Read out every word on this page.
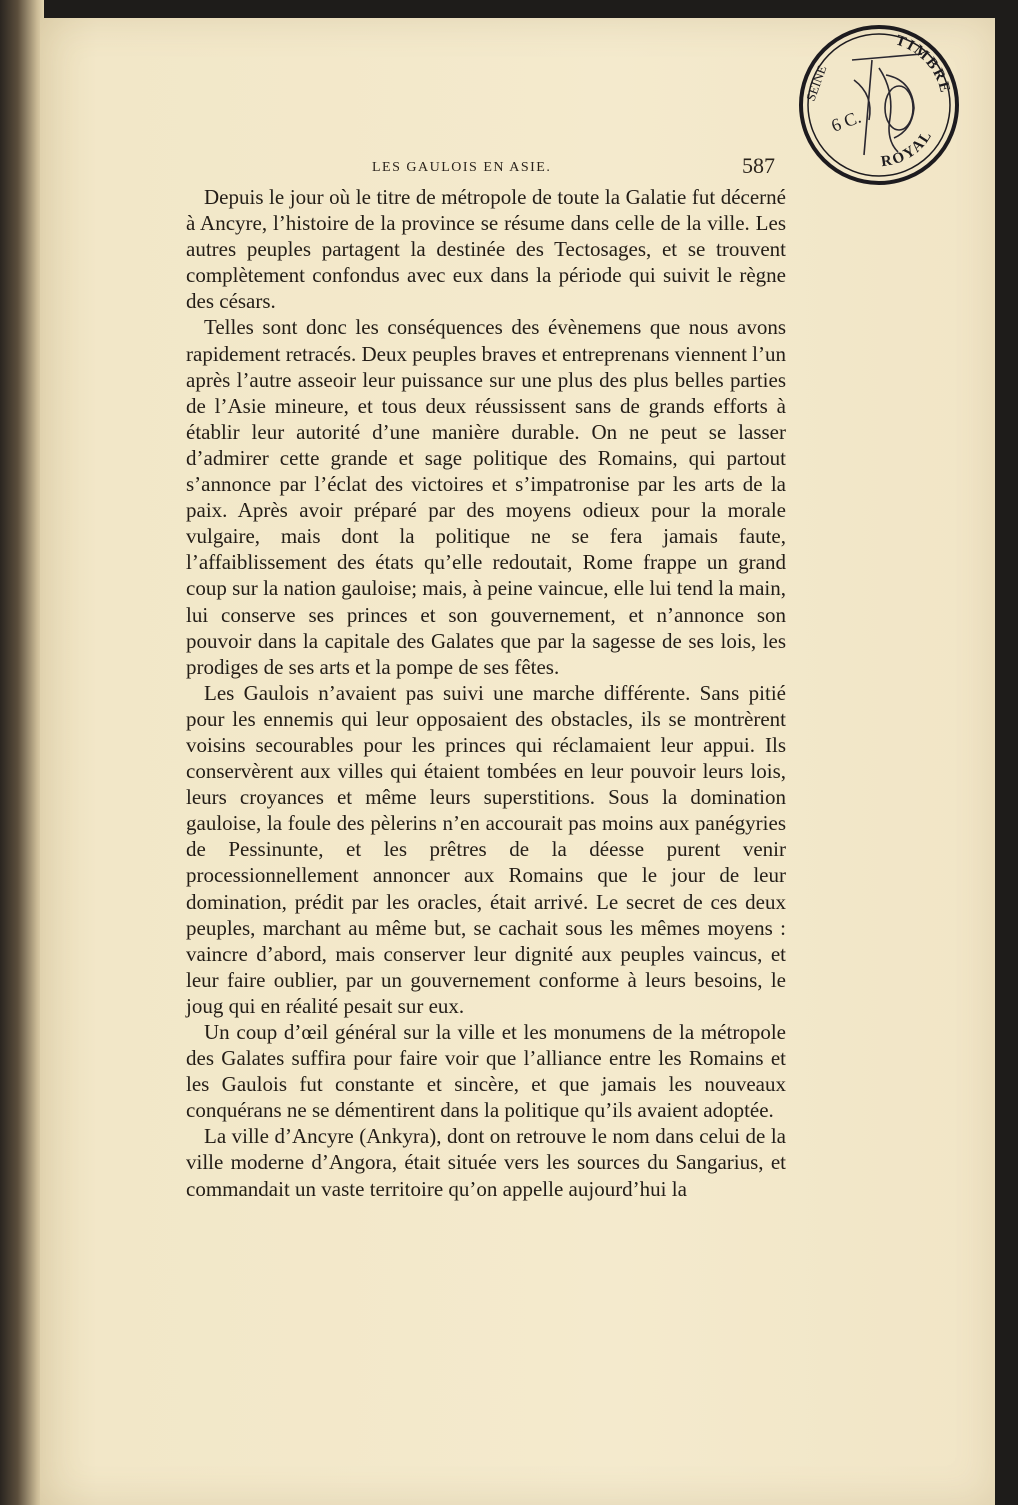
TIMBRE
ROYAL
SEINE
6 C.
LES GAULOIS EN ASIE.	587

Depuis le jour où le titre de métropole de toute la Galatie fut décerné à Ancyre, l’histoire de la province se résume dans celle de la ville. Les autres peuples partagent la destinée des Tectosages, et se trouvent complètement confondus avec eux dans la période qui suivit le règne des césars.

Telles sont donc les conséquences des évènemens que nous avons rapidement retracés. Deux peuples braves et entreprenans viennent l’un après l’autre asseoir leur puissance sur une plus des plus belles parties de l’Asie mineure, et tous deux réussissent sans de grands efforts à établir leur autorité d’une manière durable. On ne peut se lasser d’admirer cette grande et sage politique des Romains, qui partout s’annonce par l’éclat des victoires et s’impatronise par les arts de la paix. Après avoir préparé par des moyens odieux pour la morale vulgaire, mais dont la politique ne se fera jamais faute, l’affaiblissement des états qu’elle redoutait, Rome frappe un grand coup sur la nation gauloise; mais, à peine vaincue, elle lui tend la main, lui conserve ses princes et son gouvernement, et n’annonce son pouvoir dans la capitale des Galates que par la sagesse de ses lois, les prodiges de ses arts et la pompe de ses fêtes.

Les Gaulois n’avaient pas suivi une marche différente. Sans pitié pour les ennemis qui leur opposaient des obstacles, ils se montrèrent voisins secourables pour les princes qui réclamaient leur appui. Ils conservèrent aux villes qui étaient tombées en leur pouvoir leurs lois, leurs croyances et même leurs superstitions. Sous la domination gauloise, la foule des pèlerins n’en accourait pas moins aux panégyries de Pessinunte, et les prêtres de la déesse purent venir processionnellement annoncer aux Romains que le jour de leur domination, prédit par les oracles, était arrivé. Le secret de ces deux peuples, marchant au même but, se cachait sous les mêmes moyens : vaincre d’abord, mais conserver leur dignité aux peuples vaincus, et leur faire oublier, par un gouvernement conforme à leurs besoins, le joug qui en réalité pesait sur eux.

Un coup d’œil général sur la ville et les monumens de la métropole des Galates suffira pour faire voir que l’alliance entre les Romains et les Gaulois fut constante et sincère, et que jamais les nouveaux conquérans ne se démentirent dans la politique qu’ils avaient adoptée.

La ville d’Ancyre (Ankyra), dont on retrouve le nom dans celui de la ville moderne d’Angora, était située vers les sources du Sangarius, et commandait un vaste territoire qu’on appelle aujourd’hui la
